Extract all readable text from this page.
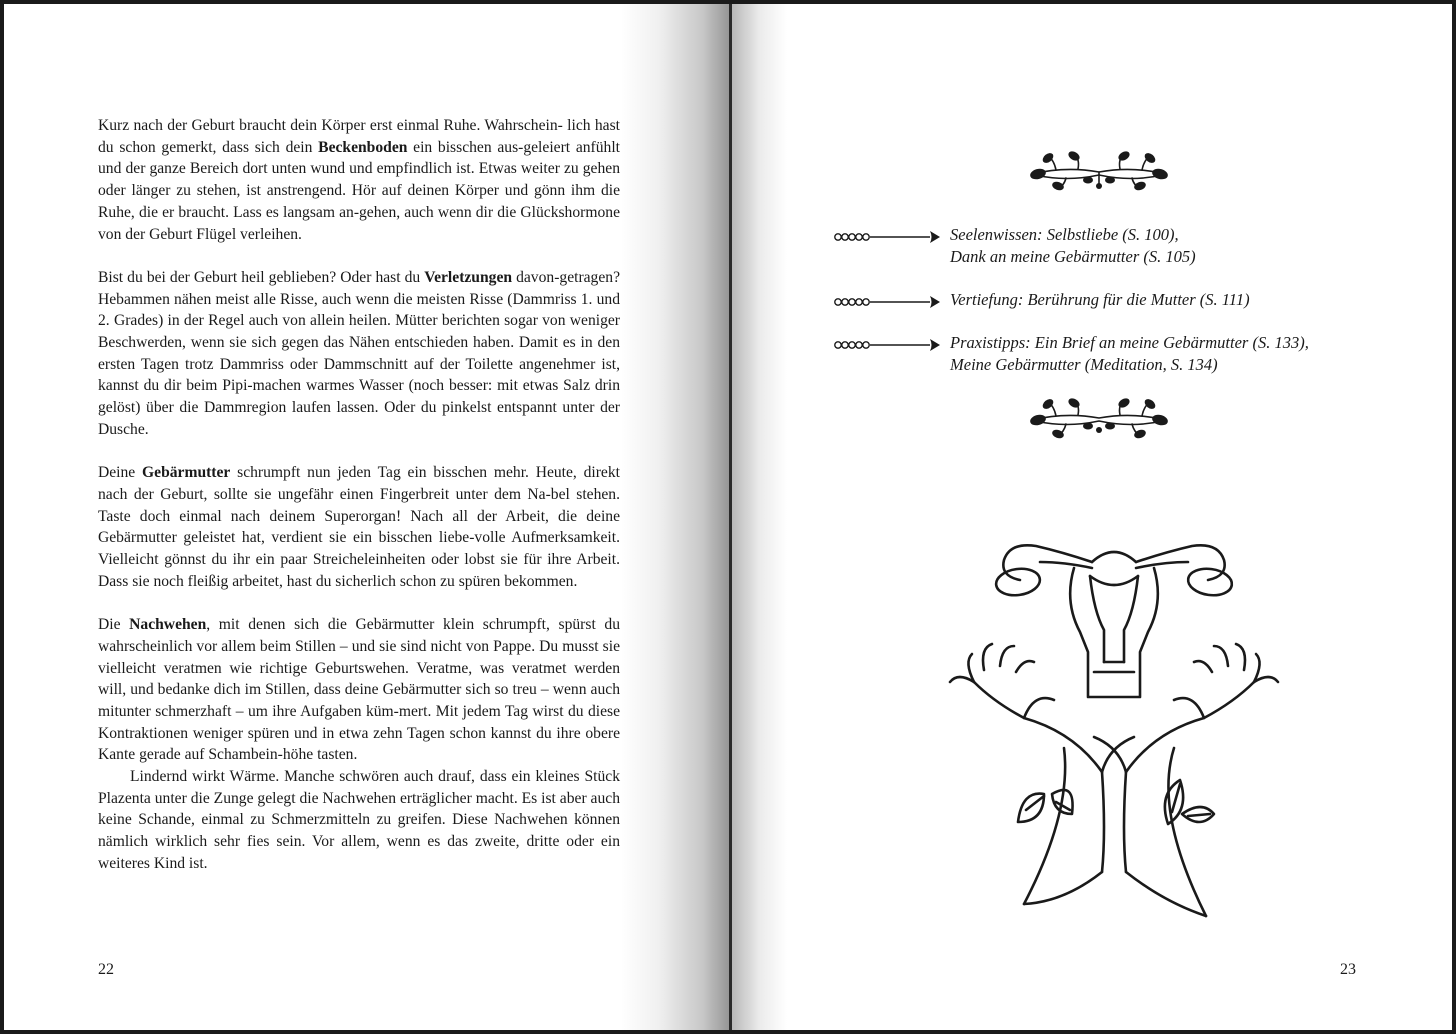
Kurz nach der Geburt braucht dein Körper erst einmal Ruhe. Wahrschein- lich hast du schon gemerkt, dass sich dein Beckenboden ein bisschen aus-geleiert anfühlt und der ganze Bereich dort unten wund und empfindlich ist. Etwas weiter zu gehen oder länger zu stehen, ist anstrengend. Hör auf deinen Körper und gönn ihm die Ruhe, die er braucht. Lass es langsam an-gehen, auch wenn dir die Glückshormone von der Geburt Flügel verleihen.

Bist du bei der Geburt heil geblieben? Oder hast du Verletzungen davon-getragen? Hebammen nähen meist alle Risse, auch wenn die meisten Risse (Dammriss 1. und 2. Grades) in der Regel auch von allein heilen. Mütter berichten sogar von weniger Beschwerden, wenn sie sich gegen das Nähen entschieden haben. Damit es in den ersten Tagen trotz Dammriss oder Dammschnitt auf der Toilette angenehmer ist, kannst du dir beim Pipi-machen warmes Wasser (noch besser: mit etwas Salz drin gelöst) über die Dammregion laufen lassen. Oder du pinkelst entspannt unter der Dusche.

Deine Gebärmutter schrumpft nun jeden Tag ein bisschen mehr. Heute, direkt nach der Geburt, sollte sie ungefähr einen Fingerbreit unter dem Na-bel stehen. Taste doch einmal nach deinem Superorgan! Nach all der Arbeit, die deine Gebärmutter geleistet hat, verdient sie ein bisschen liebe-volle Aufmerksamkeit. Vielleicht gönnst du ihr ein paar Streicheleinheiten oder lobst sie für ihre Arbeit. Dass sie noch fleißig arbeitet, hast du sicherlich schon zu spüren bekommen.

Die Nachwehen, mit denen sich die Gebärmutter klein schrumpft, spürst du wahrscheinlich vor allem beim Stillen – und sie sind nicht von Pappe. Du musst sie vielleicht veratmen wie richtige Geburtswehen. Veratme, was veratmet werden will, und bedanke dich im Stillen, dass deine Gebärmutter sich so treu – wenn auch mitunter schmerzhaft – um ihre Aufgaben küm-mert. Mit jedem Tag wirst du diese Kontraktionen weniger spüren und in etwa zehn Tagen schon kannst du ihre obere Kante gerade auf Schambein-höhe tasten.

Lindernd wirkt Wärme. Manche schwören auch drauf, dass ein kleines Stück Plazenta unter die Zunge gelegt die Nachwehen erträglicher macht. Es ist aber auch keine Schande, einmal zu Schmerzmitteln zu greifen. Diese Nachwehen können nämlich wirklich sehr fies sein. Vor allem, wenn es das zweite, dritte oder ein weiteres Kind ist.

22
Seelenwissen: Selbstliebe (S. 100),
Dank an meine Gebärmutter (S. 105)
Vertiefung: Berührung für die Mutter (S. 111)
Praxistipps: Ein Brief an meine Gebärmutter (S. 133),
Meine Gebärmutter (Meditation, S. 134)
23
